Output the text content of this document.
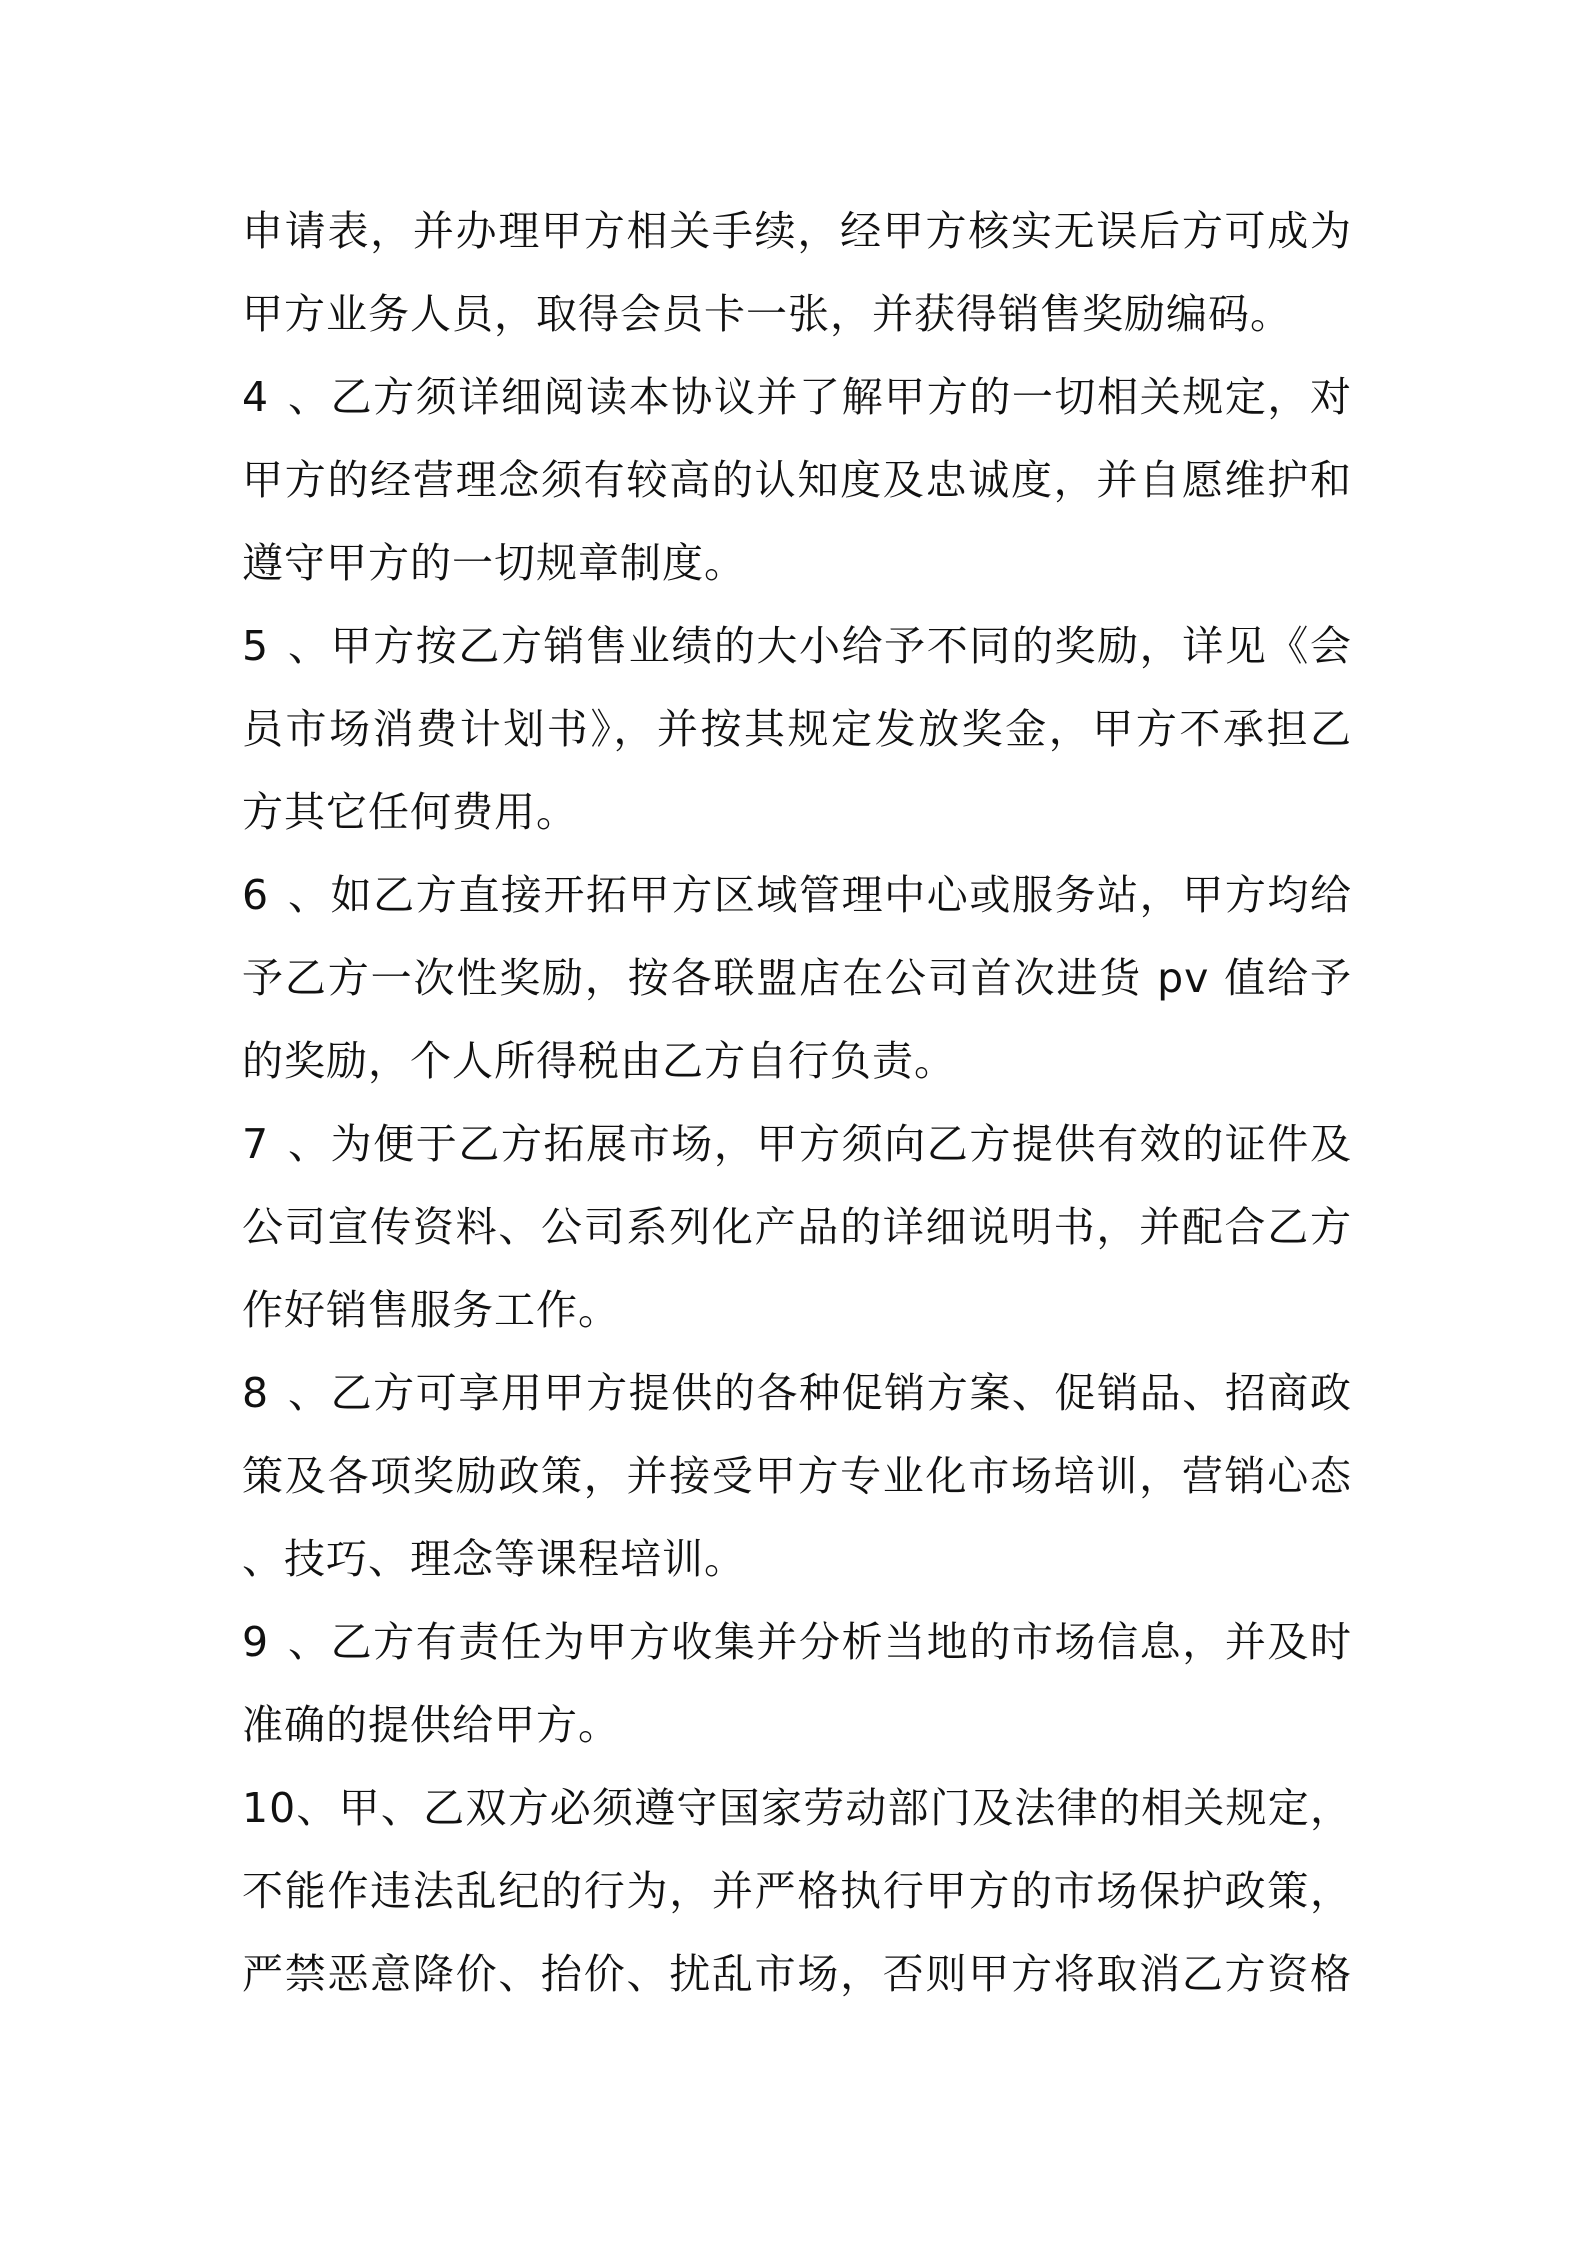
申请表，并办理甲方相关手续，经甲方核实无误后方可成为
甲方业务人员，取得会员卡一张，并获得销售奖励编码。
4、乙方须详细阅读本协议并了解甲方的一切相关规定，对
甲方的经营理念须有较高的认知度及忠诚度，并自愿维护和
遵守甲方的一切规章制度。
5、甲方按乙方销售业绩的大小给予不同的奖励，详见《会
员市场消费计划书》，并按其规定发放奖金，甲方不承担乙
方其它任何费用。
6、如乙方直接开拓甲方区域管理中心或服务站，甲方均给
予乙方一次性奖励，按各联盟店在公司首次进货 pv 值给予
的奖励，个人所得税由乙方自行负责。
7、为便于乙方拓展市场，甲方须向乙方提供有效的证件及
公司宣传资料、公司系列化产品的详细说明书，并配合乙方
作好销售服务工作。
8、乙方可享用甲方提供的各种促销方案、促销品、招商政
策及各项奖励政策，并接受甲方专业化市场培训，营销心态
、技巧、理念等课程培训。
9、乙方有责任为甲方收集并分析当地的市场信息，并及时
准确的提供给甲方。
10、甲、乙双方必须遵守国家劳动部门及法律的相关规定，
不能作违法乱纪的行为，并严格执行甲方的市场保护政策，
严禁恶意降价、抬价、扰乱市场，否则甲方将取消乙方资格
